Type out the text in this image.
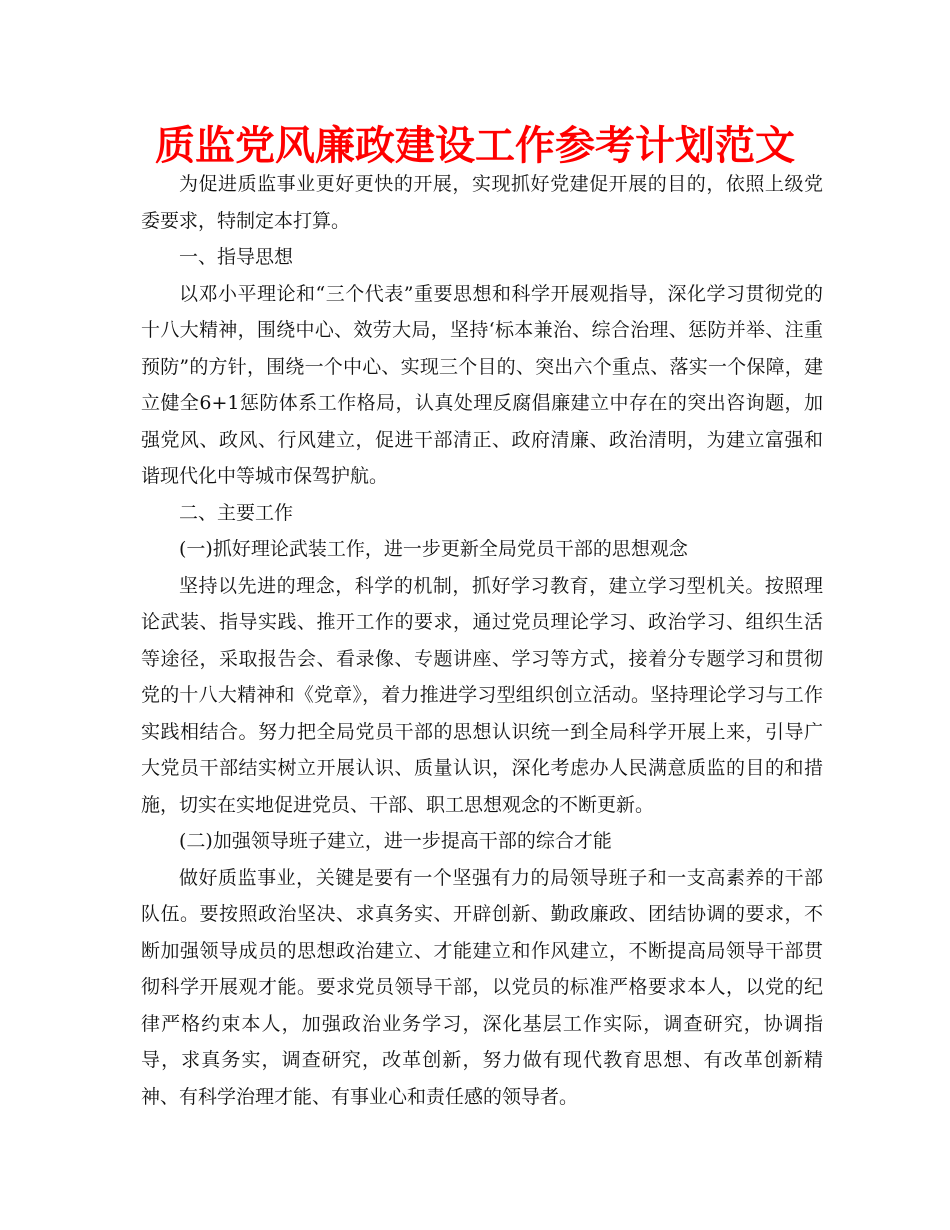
质监党风廉政建设工作参考计划范文

为促进质监事业更好更快的开展，实现抓好党建促开展的目的，依照上级党委要求，特制定本打算。

一、指导思想

以邓小平理论和“三个代表”重要思想和科学开展观指导，深化学习贯彻党的十八大精神，围绕中心、效劳大局，坚持‘标本兼治、综合治理、惩防并举、注重预防”的方针，围绕一个中心、实现三个目的、突出六个重点、落实一个保障，建立健全6+1惩防体系工作格局，认真处理反腐倡廉建立中存在的突出咨询题，加强党风、政风、行风建立，促进干部清正、政府清廉、政治清明，为建立富强和谐现代化中等城市保驾护航。

二、主要工作

(一)抓好理论武装工作，进一步更新全局党员干部的思想观念

坚持以先进的理念，科学的机制，抓好学习教育，建立学习型机关。按照理论武装、指导实践、推开工作的要求，通过党员理论学习、政治学习、组织生活等途径，采取报告会、看录像、专题讲座、学习等方式，接着分专题学习和贯彻党的十八大精神和《党章》，着力推进学习型组织创立活动。坚持理论学习与工作实践相结合。努力把全局党员干部的思想认识统一到全局科学开展上来，引导广大党员干部结实树立开展认识、质量认识，深化考虑办人民满意质监的目的和措施，切实在实地促进党员、干部、职工思想观念的不断更新。

(二)加强领导班子建立，进一步提高干部的综合才能

做好质监事业，关键是要有一个坚强有力的局领导班子和一支高素养的干部队伍。要按照政治坚决、求真务实、开辟创新、勤政廉政、团结协调的要求，不断加强领导成员的思想政治建立、才能建立和作风建立，不断提高局领导干部贯彻科学开展观才能。要求党员领导干部，以党员的标准严格要求本人，以党的纪律严格约束本人，加强政治业务学习，深化基层工作实际，调查研究，协调指导，求真务实，调查研究，改革创新，努力做有现代教育思想、有改革创新精神、有科学治理才能、有事业心和责任感的领导者。
